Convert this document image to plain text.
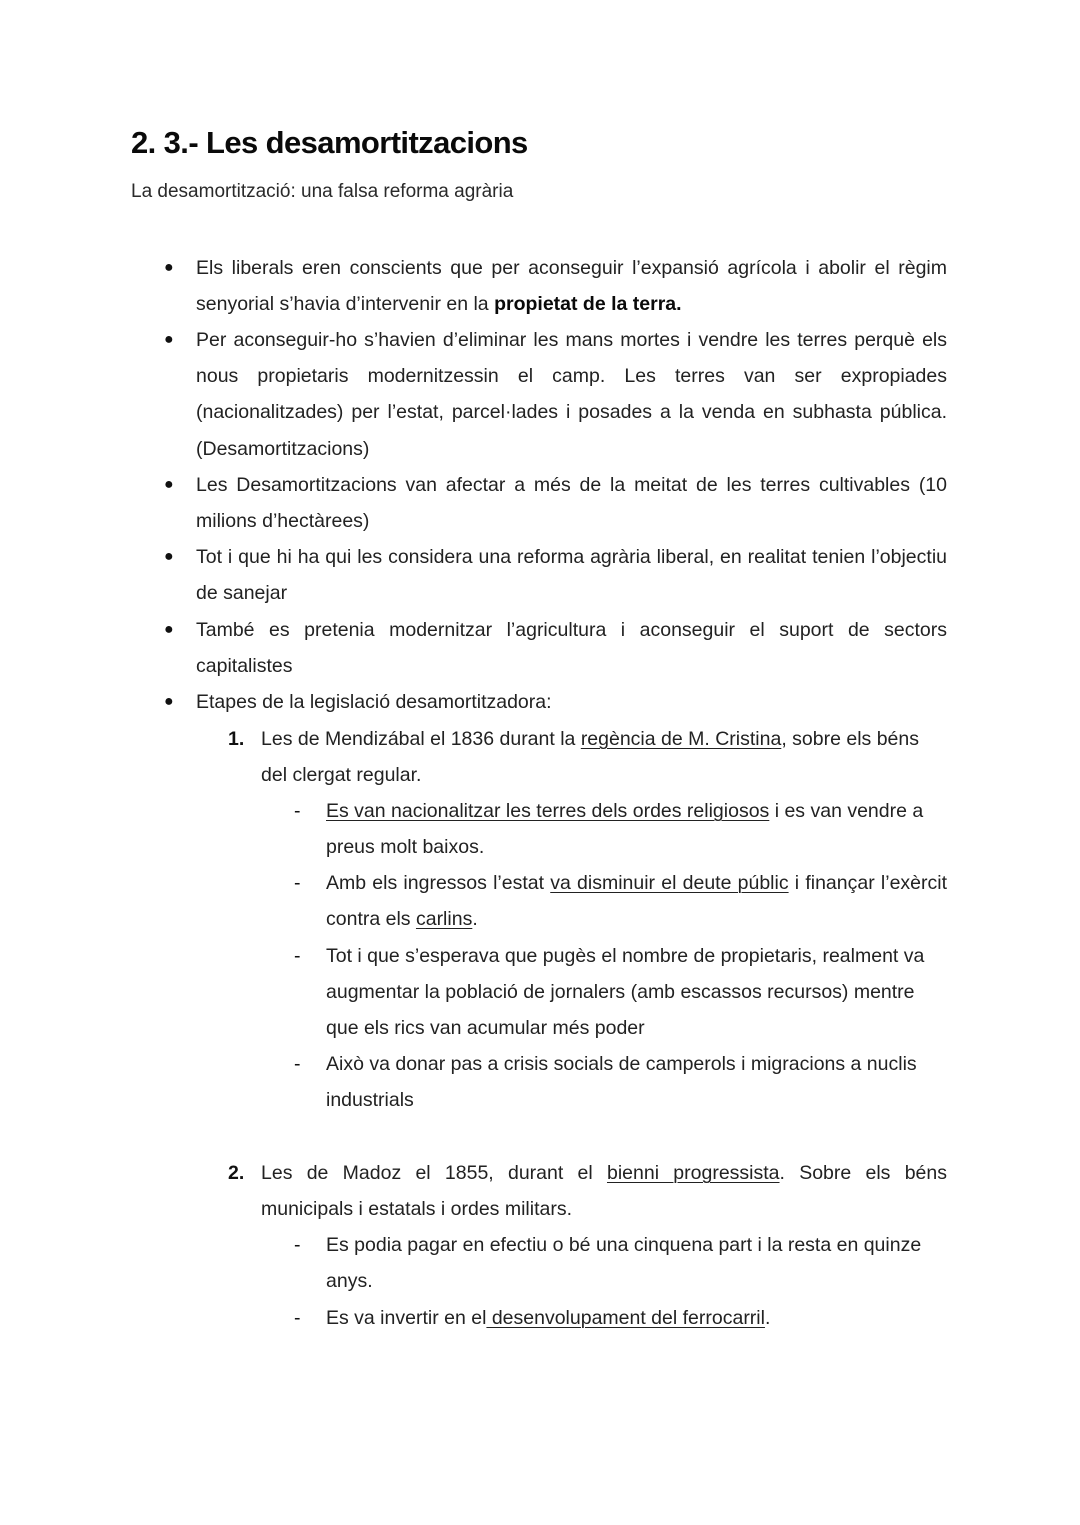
2. 3.- Les desamortitzacions

La desamortització: una falsa reforma agrària

● Els liberals eren conscients que per aconseguir l’expansió agrícola i abolir el règim senyorial s’havia d’intervenir en la propietat de la terra.

● Per aconseguir-ho s’havien d’eliminar les mans mortes i vendre les terres perquè els nous propietaris modernitzessin el camp. Les terres van ser expropiades (nacionalitzades) per l’estat, parcel·lades i posades a la venda en subhasta pública. (Desamortitzacions)

● Les Desamortitzacions van afectar a més de la meitat de les terres cultivables (10 milions d’hectàrees)

● Tot i que hi ha qui les considera una reforma agrària liberal, en realitat tenien l’objectiu de sanejar

● També es pretenia modernitzar l’agricultura i aconseguir el suport de sectors capitalistes

● Etapes de la legislació desamortitzadora:

1. Les de Mendizábal el 1836 durant la regència de M. Cristina, sobre els béns del clergat regular.

- Es van nacionalitzar les terres dels ordes religiosos i es van vendre a preus molt baixos.

- Amb els ingressos l’estat va disminuir el deute públic i finançar l’exèrcit contra els carlins.

- Tot i que s’esperava que pugès el nombre de propietaris, realment va augmentar la població de jornalers (amb escassos recursos) mentre que els rics van acumular més poder

- Això va donar pas a crisis socials de camperols i migracions a nuclis industrials

2. Les de Madoz el 1855, durant el bienni progressista. Sobre els béns municipals i estatals i ordes militars.

- Es podia pagar en efectiu o bé una cinquena part i la resta en quinze anys.

- Es va invertir en el desenvolupament del ferrocarril.
